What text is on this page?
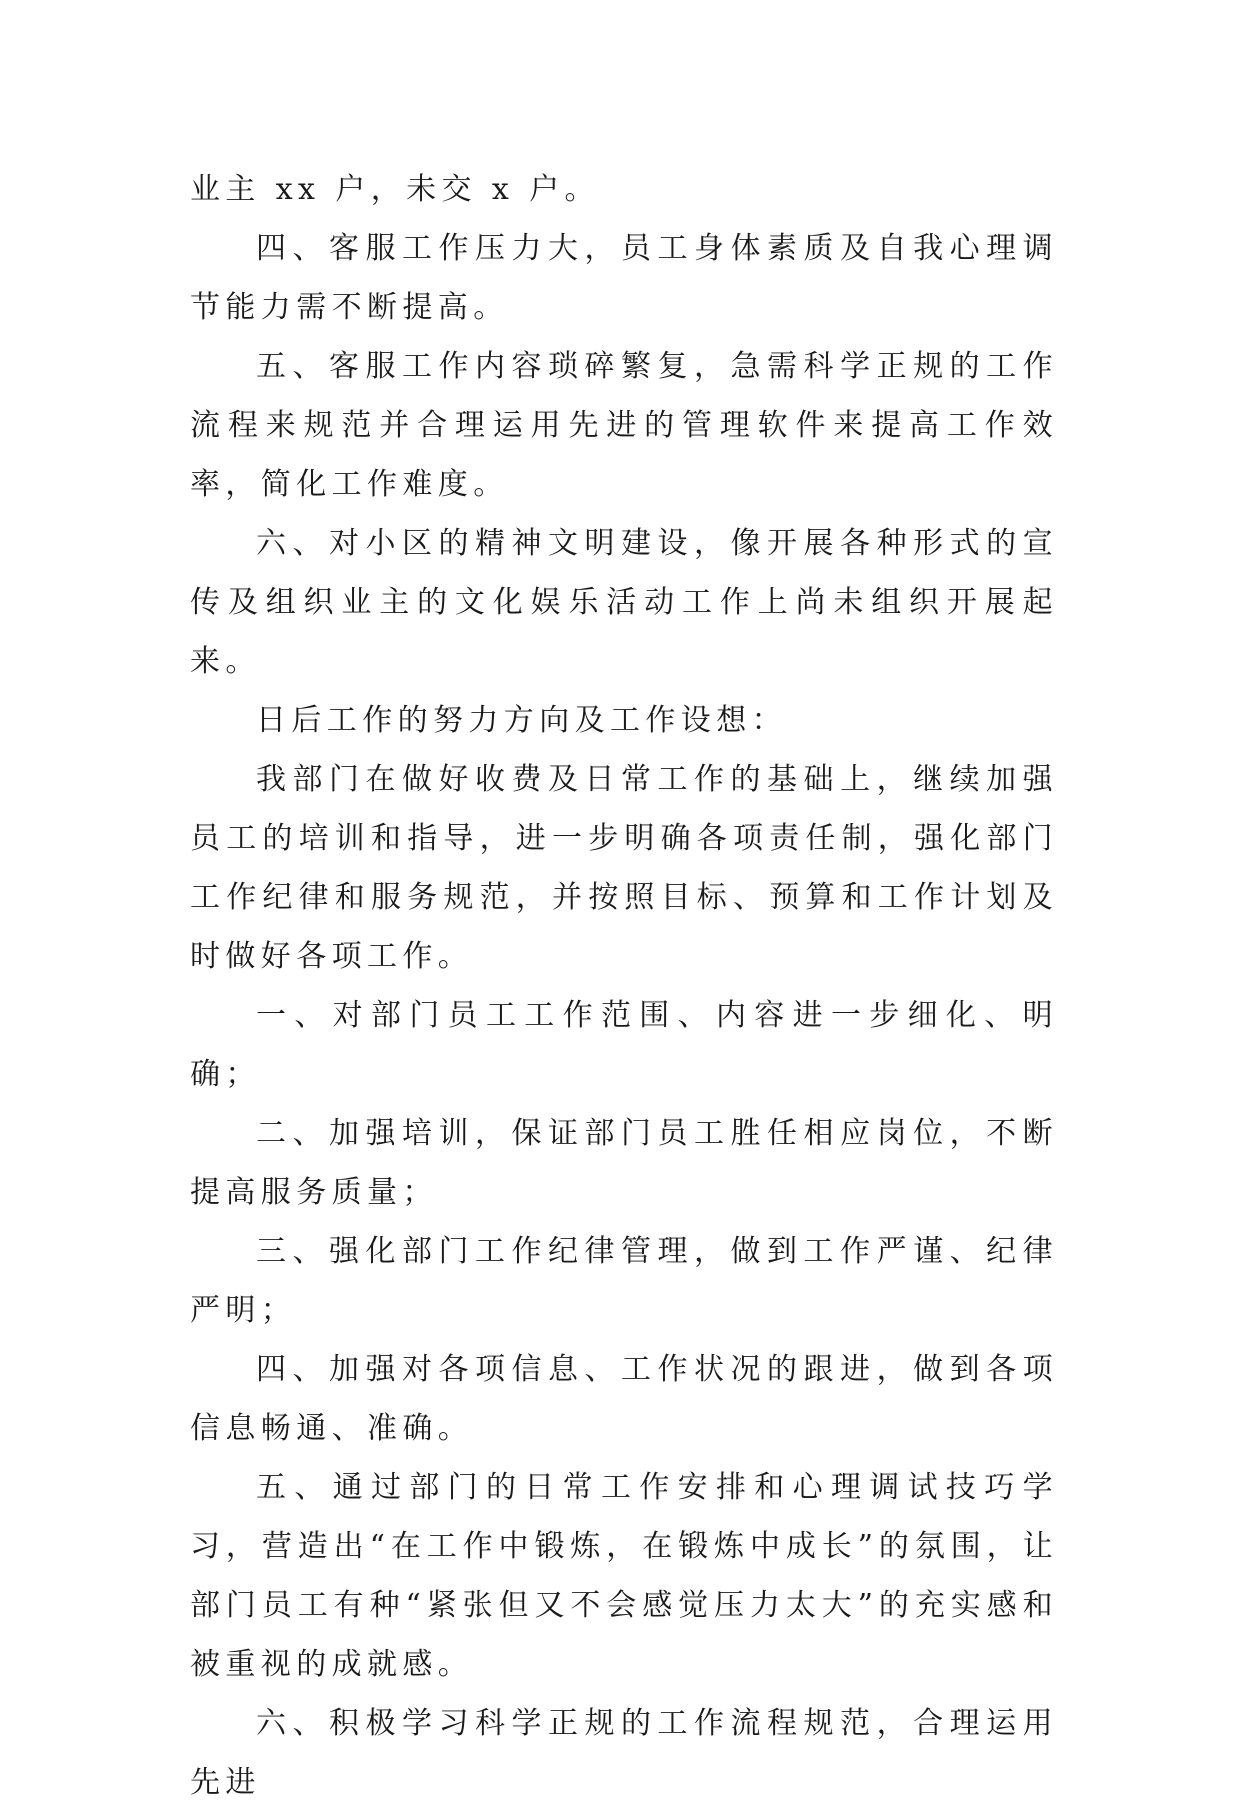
业主 xx 户，未交 x 户。

四、客服工作压力大，员工身体素质及自我心理调节能力需不断提高。

五、客服工作内容琐碎繁复，急需科学正规的工作流程来规范并合理运用先进的管理软件来提高工作效率，简化工作难度。

六、对小区的精神文明建设，像开展各种形式的宣传及组织业主的文化娱乐活动工作上尚未组织开展起来。

日后工作的努力方向及工作设想：

我部门在做好收费及日常工作的基础上，继续加强员工的培训和指导，进一步明确各项责任制，强化部门工作纪律和服务规范，并按照目标、预算和工作计划及时做好各项工作。

一、对部门员工工作范围、内容进一步细化、明确；

二、加强培训，保证部门员工胜任相应岗位，不断提高服务质量；

三、强化部门工作纪律管理，做到工作严谨、纪律严明；

四、加强对各项信息、工作状况的跟进，做到各项信息畅通、准确。

五、通过部门的日常工作安排和心理调试技巧学习，营造出“在工作中锻炼，在锻炼中成长”的氛围，让部门员工有种“紧张但又不会感觉压力太大”的充实感和被重视的成就感。

六、积极学习科学正规的工作流程规范，合理运用先进
